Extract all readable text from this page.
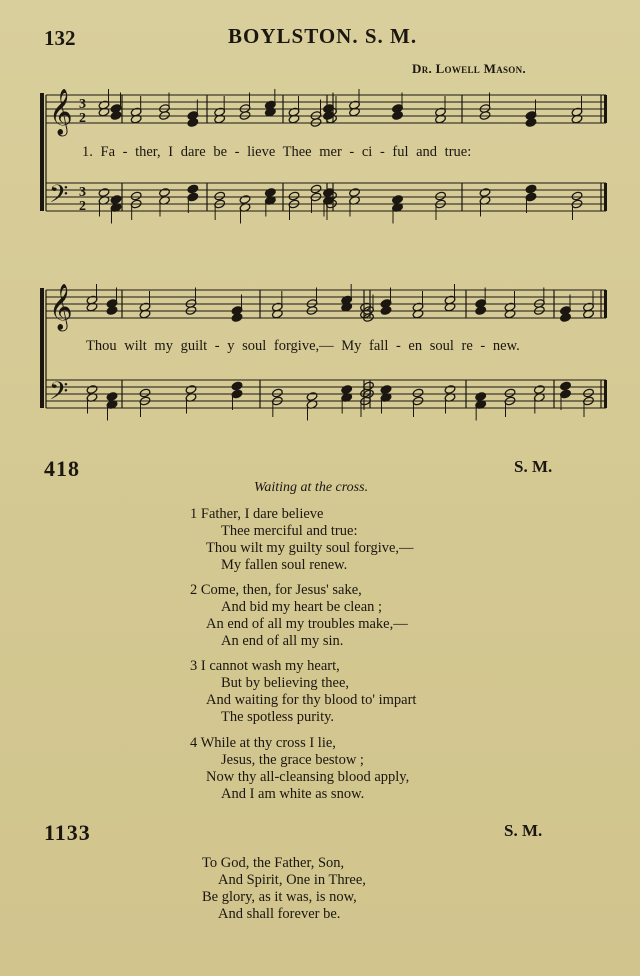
132	BOYLSTON. S. M.
Dr. Lowell Mason.
𝄞
𝄢
3
2
3
2
𝄞
𝄢
1. Fa - ther, I dare be - lieve Thee mer - ci - ful and true:
Thou wilt my guilt - y soul forgive,— My fall - en soul re - new.
418	S. M.
Waiting at the cross.
1 Father, I dare believe
Thee merciful and true:
Thou wilt my guilty soul forgive,—
My fallen soul renew.
2 Come, then, for Jesus' sake,
And bid my heart be clean ;
An end of all my troubles make,—
An end of all my sin.
3 I cannot wash my heart,
But by believing thee,
And waiting for thy blood to' impart
The spotless purity.
4 While at thy cross I lie,
Jesus, the grace bestow ;
Now thy all-cleansing blood apply,
And I am white as snow.
1133	S. M.
To God, the Father, Son,
And Spirit, One in Three,
Be glory, as it was, is now,
And shall forever be.
